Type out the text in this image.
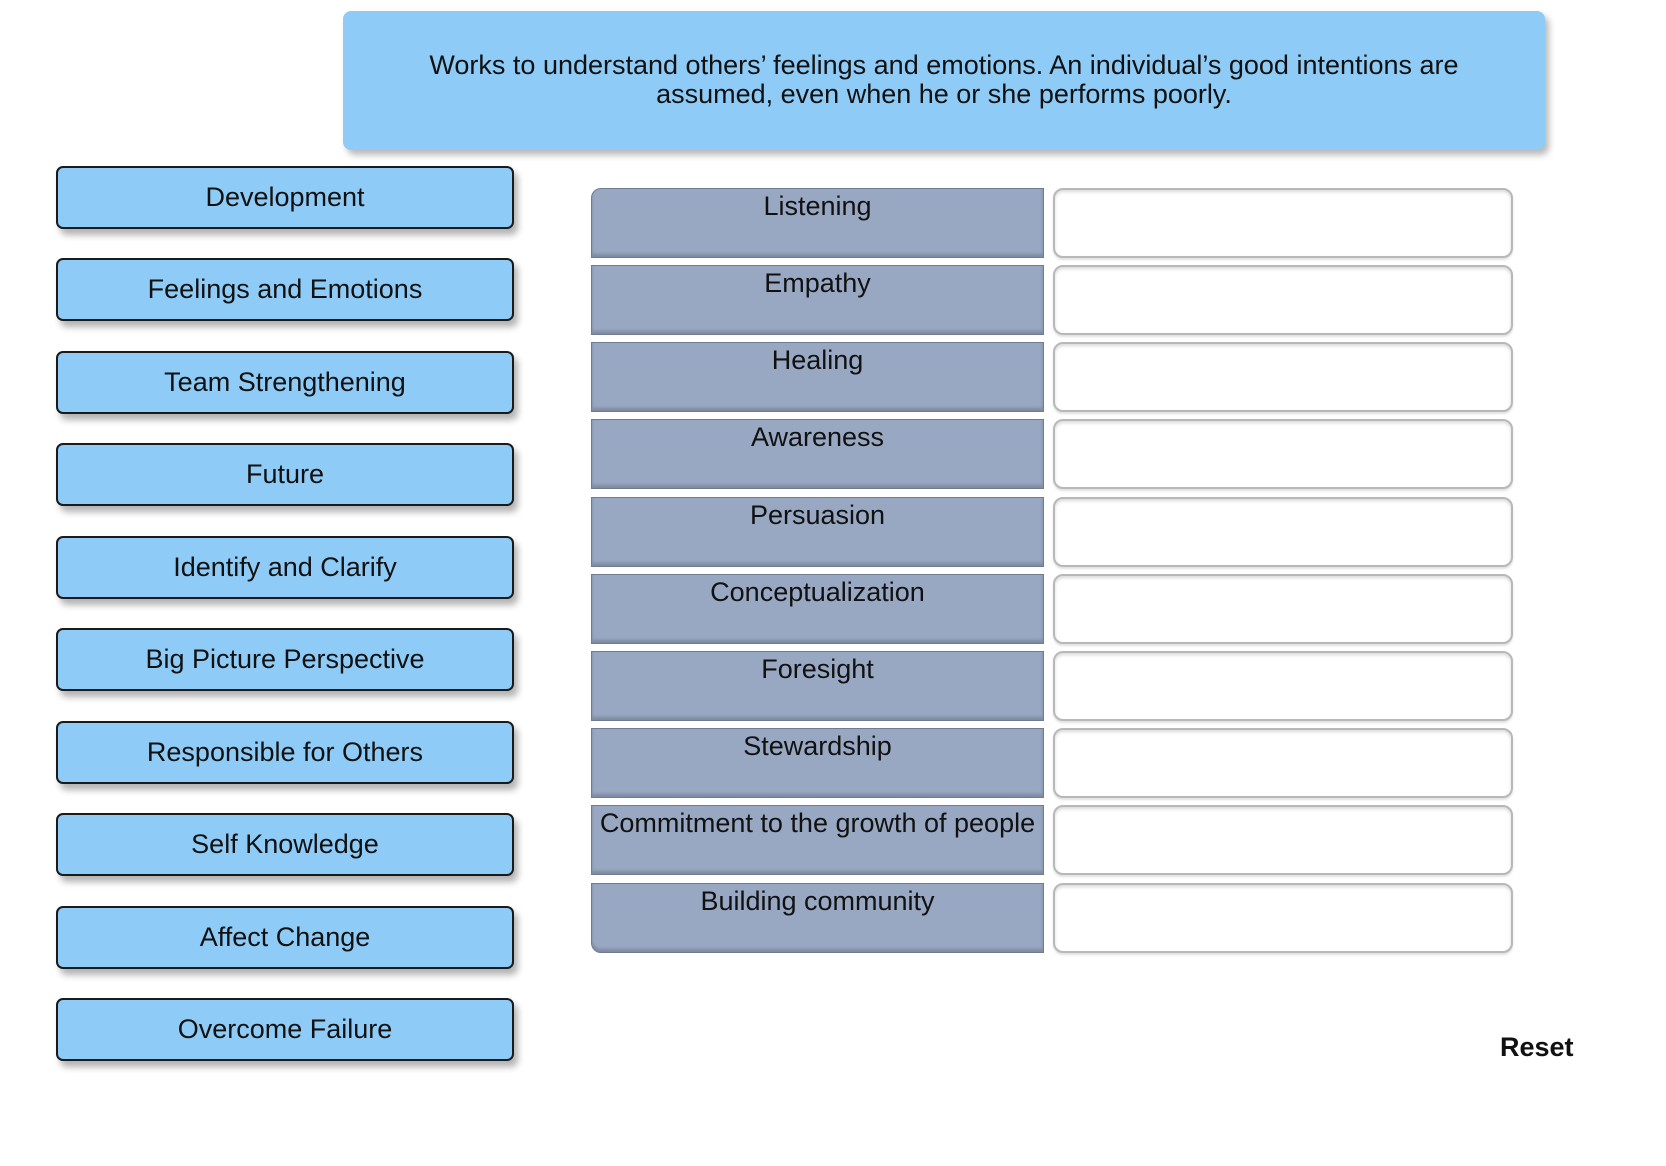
Works to understand others’ feelings and emotions. An individual’s good intentions are assumed, even when he or she performs poorly.
Development
Feelings and Emotions
Team Strengthening
Future
Identify and Clarify
Big Picture Perspective
Responsible for Others
Self Knowledge
Affect Change
Overcome Failure
Listening
Empathy
Healing
Awareness
Persuasion
Conceptualization
Foresight
Stewardship
Commitment to the growth of people
Building community
Reset
